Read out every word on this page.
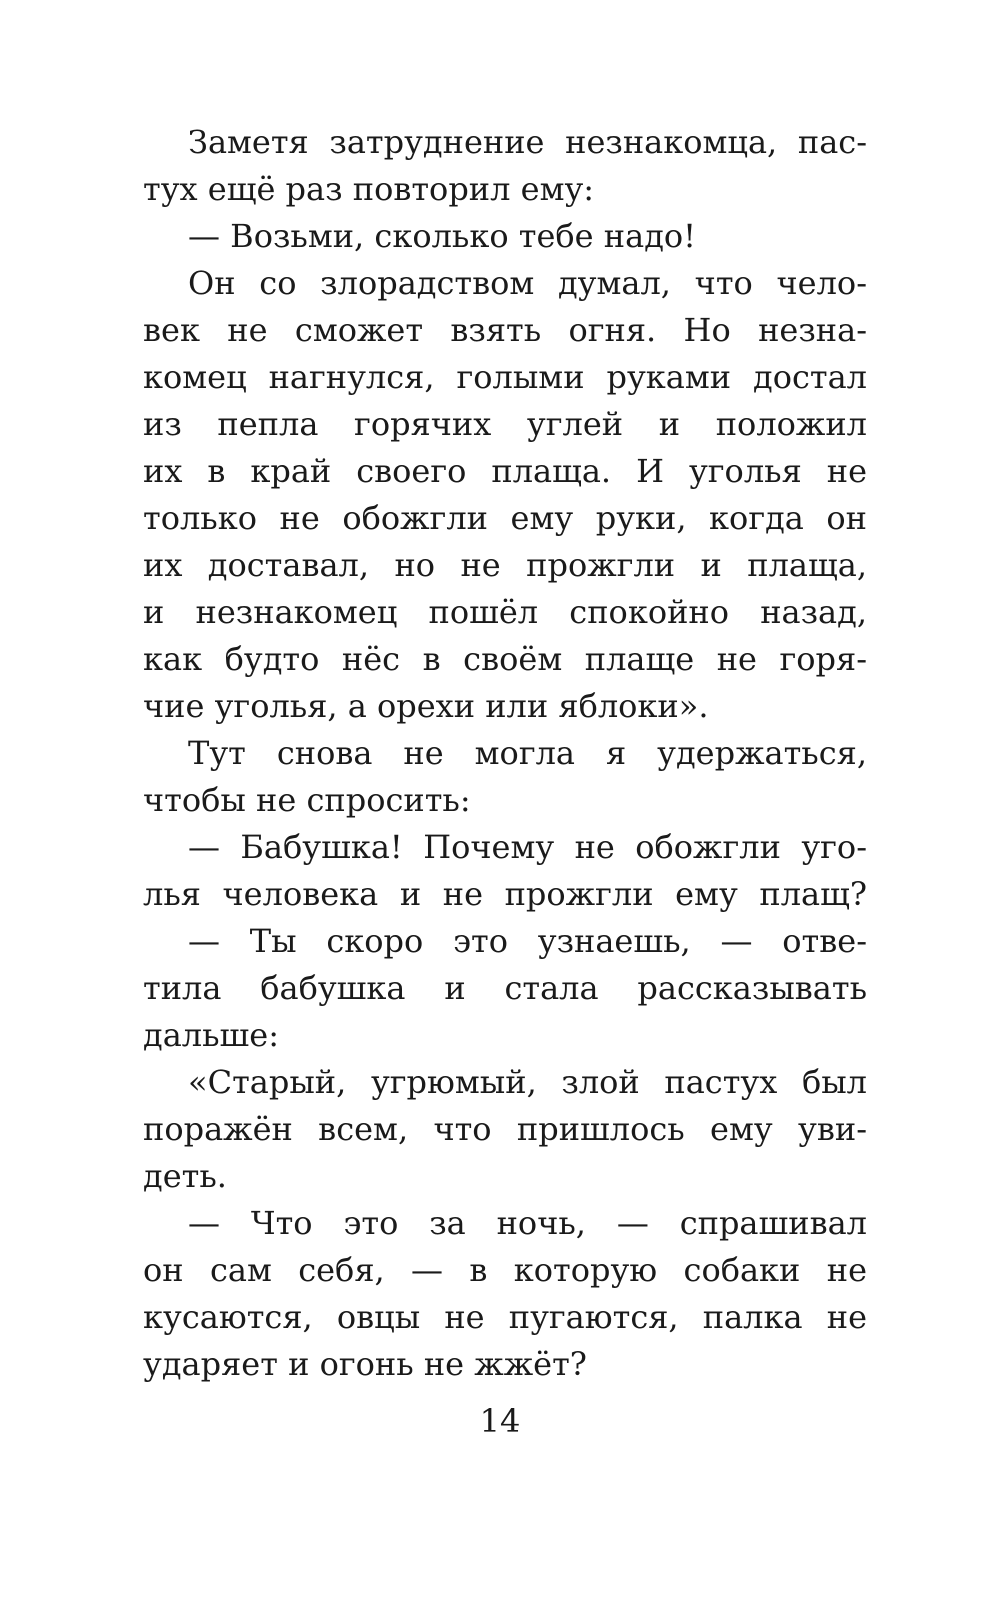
Заметя затруднение незнакомца, пас-
тух ещё раз повторил ему:
— Возьми, сколько тебе надо!
Он со злорадством думал, что чело-
век не сможет взять огня. Но незна-
комец нагнулся, голыми руками достал
из пепла горячих углей и положил
их в край своего плаща. И уголья не
только не обожгли ему руки, когда он
их доставал, но не прожгли и плаща,
и незнакомец пошёл спокойно назад,
как будто нёс в своём плаще не горя-
чие уголья, а орехи или яблоки».
Тут снова не могла я удержаться,
чтобы не спросить:
— Бабушка! Почему не обожгли уго-
лья человека и не прожгли ему плащ?
— Ты скоро это узнаешь, — отве-
тила бабушка и стала рассказывать
дальше:
«Старый, угрюмый, злой пастух был
поражён всем, что пришлось ему уви-
деть.
— Что это за ночь, — спрашивал
он сам себя, — в которую собаки не
кусаются, овцы не пугаются, палка не
ударяет и огонь не жжёт?
14
